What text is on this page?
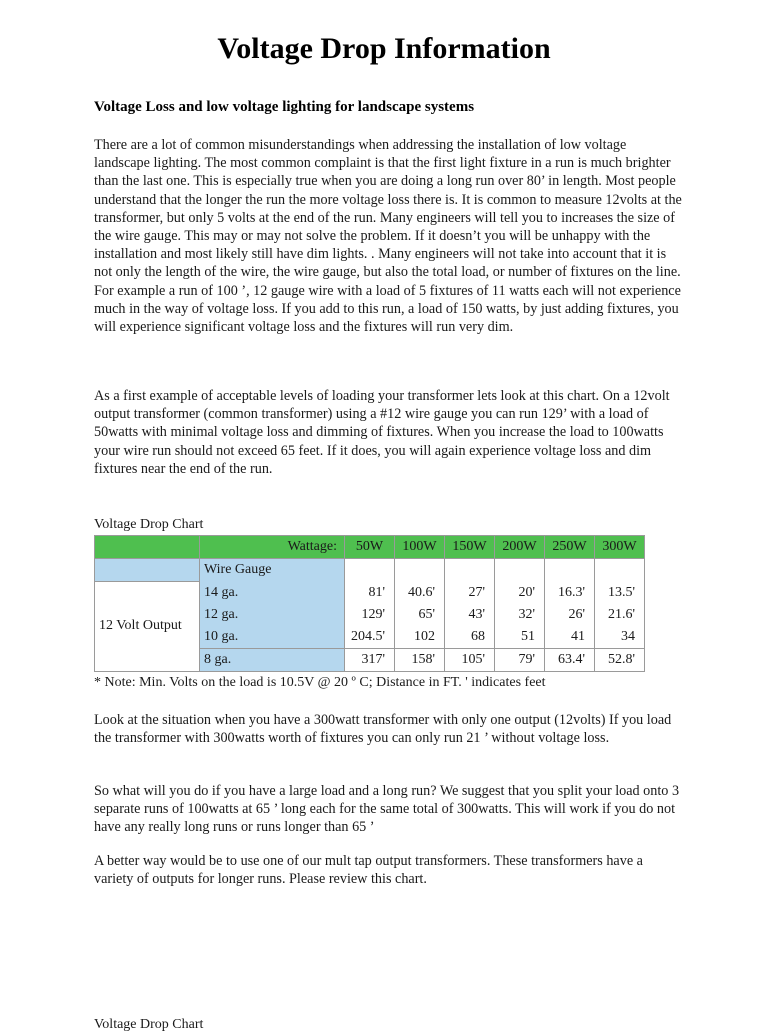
Voltage Drop Information
Voltage Loss and low voltage lighting for landscape systems

There are a lot of common misunderstandings when addressing the installation of low voltage landscape lighting. The most common complaint is that the first light fixture in a run is much brighter than the last one. This is especially true when you are doing a long run over 80’ in length. Most people understand that the longer the run the more voltage loss there is. It is common to measure 12volts at the transformer, but only 5 volts at the end of the run. Many engineers will tell you to increases the size of the wire gauge. This may or may not solve the problem. If it doesn’t you will be unhappy with the installation and most likely still have dim lights. . Many engineers will not take into account that it is not only the length of the wire, the wire gauge, but also the total load, or number of fixtures on the line. For example a run of 100 ’, 12 gauge wire with a load of 5 fixtures of 11 watts each will not experience much in the way of voltage loss. If you add to this run, a load of 150 watts, by just adding fixtures, you will experience significant voltage loss and the fixtures will run very dim.

As a first example of acceptable levels of loading your transformer lets look at this chart. On a 12volt output transformer (common transformer) using a #12 wire gauge you can run 129’ with a load of 50watts with minimal voltage loss and dimming of fixtures. When you increase the load to 100watts your wire run should not exceed 65 feet. If it does, you will again experience voltage loss and dim fixtures near the end of the run.

Voltage Drop Chart
	Wattage:	50W	100W	150W	200W	250W	300W
	Wire Gauge						
12 Volt Output	14 ga.	81'	40.6'	27'	20'	16.3'	13.5'
	12 ga.	129'	65'	43'	32'	26'	21.6'
	10 ga.	204.5'	102	68	51	41	34
	8 ga.	317'	158'	105'	79'	63.4'	52.8'
* Note: Min. Volts on the load is 10.5V @ 20 º C; Distance in FT. ' indicates feet

Look at the situation when you have a 300watt transformer with only one output (12volts) If you load the transformer with 300watts worth of fixtures you can only run 21 ’ without voltage loss.

So what will you do if you have a large load and a long run? We suggest that you split your load onto 3 separate runs of 100watts at 65 ’ long each for the same total of 300watts. This will work if you do not have any really long runs or runs longer than 65 ’

A better way would be to use one of our mult tap output transformers. These transformers have a variety of outputs for longer runs. Please review this chart.

Voltage Drop Chart
